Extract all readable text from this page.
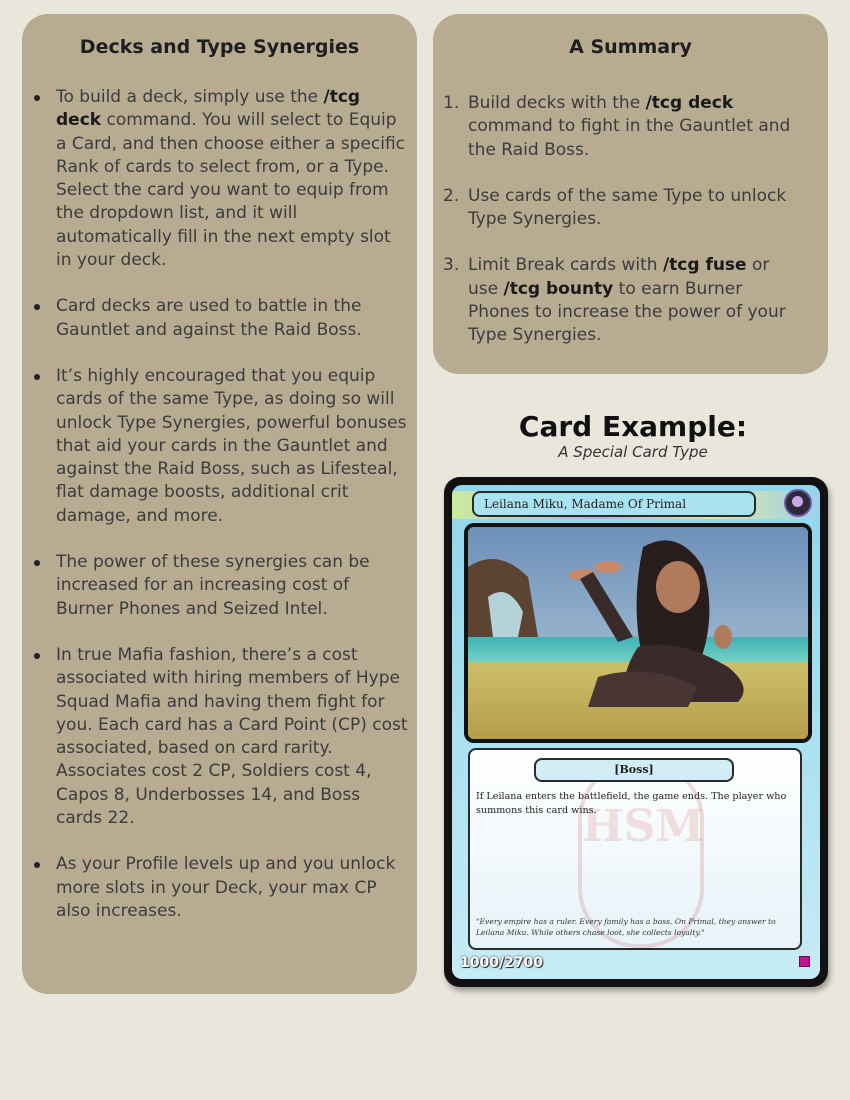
Decks and Type Synergies
To build a deck, simply use the /tcg deck command. You will select to Equip a Card, and then choose either a specific Rank of cards to select from, or a Type. Select the card you want to equip from the dropdown list, and it will automatically fill in the next empty slot in your deck.
Card decks are used to battle in the Gauntlet and against the Raid Boss.
It’s highly encouraged that you equip cards of the same Type, as doing so will unlock Type Synergies, powerful bonuses that aid your cards in the Gauntlet and against the Raid Boss, such as Lifesteal, flat damage boosts, additional crit damage, and more.
The power of these synergies can be increased for an increasing cost of Burner Phones and Seized Intel.
In true Mafia fashion, there’s a cost associated with hiring members of Hype Squad Mafia and having them fight for you. Each card has a Card Point (CP) cost associated, based on card rarity. Associates cost 2 CP, Soldiers cost 4, Capos 8, Underbosses 14, and Boss cards 22.
As your Profile levels up and you unlock more slots in your Deck, your max CP also increases.
A Summary
1. Build decks with the /tcg deck command to fight in the Gauntlet and the Raid Boss.
2. Use cards of the same Type to unlock Type Synergies.
3. Limit Break cards with /tcg fuse or use /tcg bounty to earn Burner Phones to increase the power of your Type Synergies.
Card Example:
A Special Card Type
Leilana Miku, Madame Of Primal
HSM
[Boss]
If Leilana enters the battlefield, the game ends. The player who summons this card wins.
"Every empire has a ruler. Every family has a boss. On Primal, they answer to Leilana Miku. While others chase loot, she collects loyalty."
1000/2700
